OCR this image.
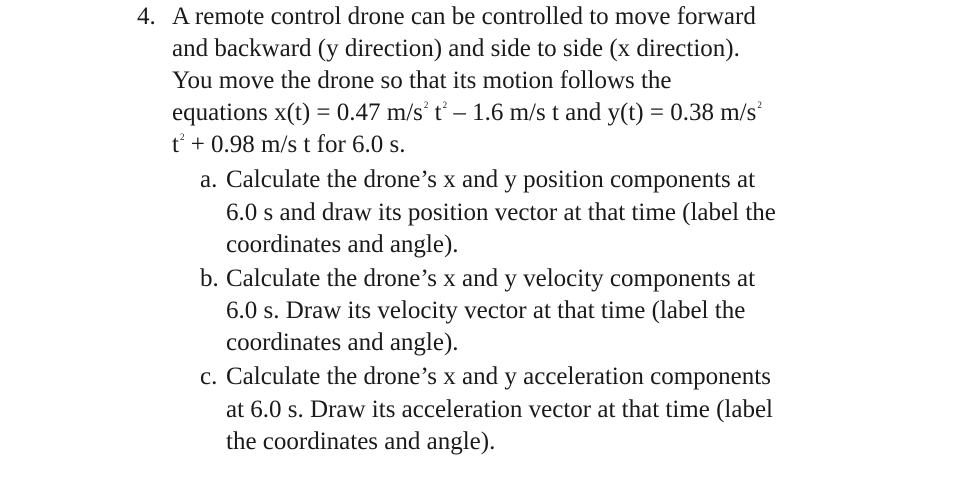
4. A remote control drone can be controlled to move forward
and backward (y direction) and side to side (x direction).
You move the drone so that its motion follows the
equations x(t) = 0.47 $m/s^2$ $t^2 - 1.6$ m/s t and y(t) = 0.38 $m/s^2$
$t^2 + 0.98$ m/s t for 6.0 s.
a. Calculate the drone’s x and y position components at
6.0 s and draw its position vector at that time (label the
coordinates and angle).
b. Calculate the drone’s x and y velocity components at
6.0 s. Draw its velocity vector at that time (label the
coordinates and angle).
c. Calculate the drone’s x and y acceleration components
at 6.0 s. Draw its acceleration vector at that time (label
the coordinates and angle).
